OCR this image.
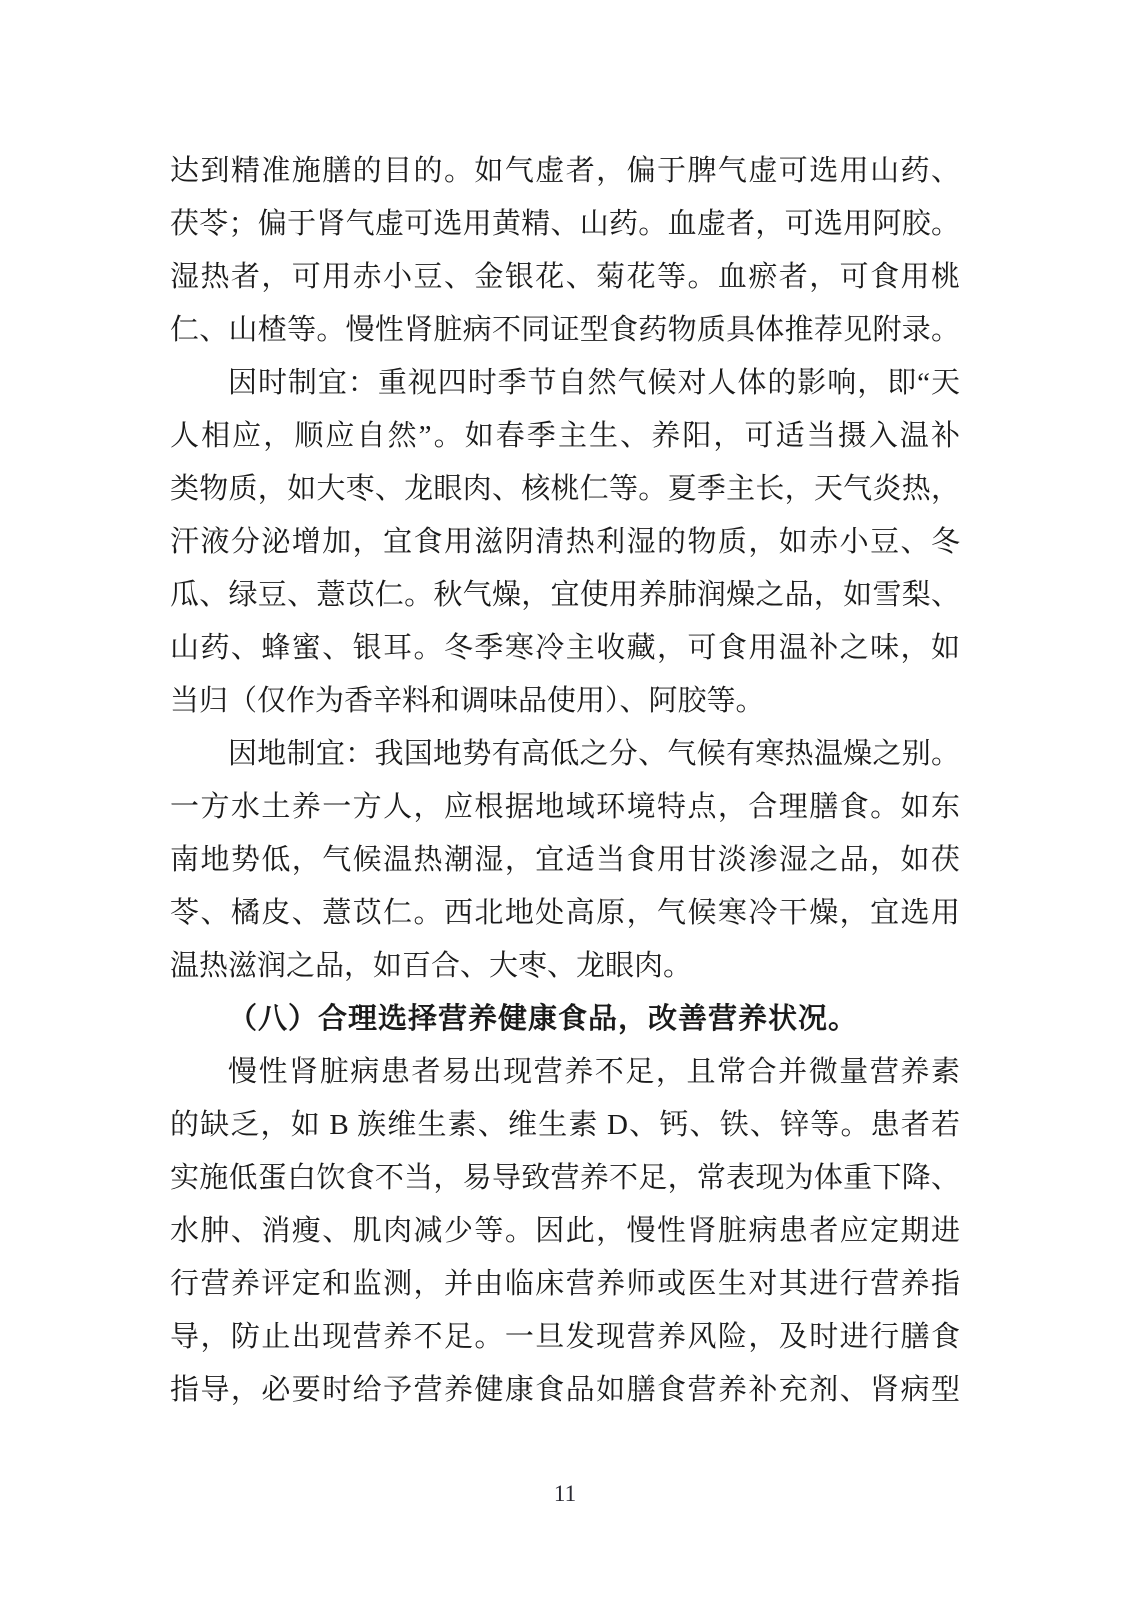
达到精准施膳的目的。如气虚者，偏于脾气虚可选用山药、
茯苓；偏于肾气虚可选用黄精、山药。血虚者，可选用阿胶。
湿热者，可用赤小豆、金银花、菊花等。血瘀者，可食用桃
仁、山楂等。慢性肾脏病不同证型食药物质具体推荐见附录。
因时制宜：重视四时季节自然气候对人体的影响，即“天
人相应，顺应自然”。如春季主生、养阳，可适当摄入温补
类物质，如大枣、龙眼肉、核桃仁等。夏季主长，天气炎热，
汗液分泌增加，宜食用滋阴清热利湿的物质，如赤小豆、冬
瓜、绿豆、薏苡仁。秋气燥，宜使用养肺润燥之品，如雪梨、
山药、蜂蜜、银耳。冬季寒冷主收藏，可食用温补之味，如
当归（仅作为香辛料和调味品使用）、阿胶等。
因地制宜：我国地势有高低之分、气候有寒热温燥之别。
一方水土养一方人，应根据地域环境特点，合理膳食。如东
南地势低，气候温热潮湿，宜适当食用甘淡渗湿之品，如茯
苓、橘皮、薏苡仁。西北地处高原，气候寒冷干燥，宜选用
温热滋润之品，如百合、大枣、龙眼肉。
（八）合理选择营养健康食品，改善营养状况。
慢性肾脏病患者易出现营养不足，且常合并微量营养素
的缺乏，如 B 族维生素、维生素 D、钙、铁、锌等。患者若
实施低蛋白饮食不当，易导致营养不足，常表现为体重下降、
水肿、消瘦、肌肉减少等。因此，慢性肾脏病患者应定期进
行营养评定和监测，并由临床营养师或医生对其进行营养指
导，防止出现营养不足。一旦发现营养风险，及时进行膳食
指导，必要时给予营养健康食品如膳食营养补充剂、肾病型
11
